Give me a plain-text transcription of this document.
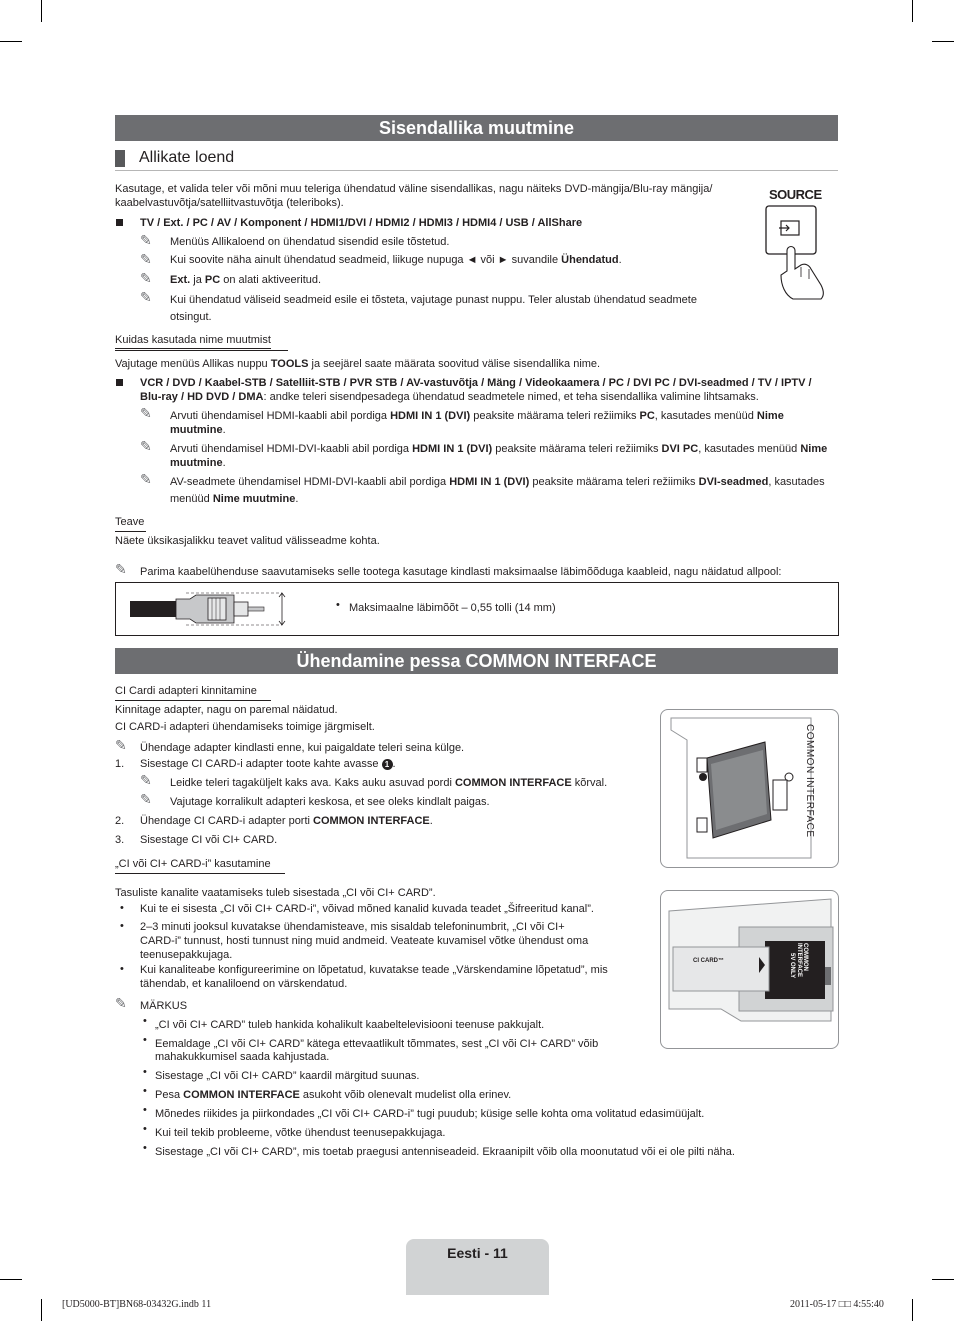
Sisendallika muutmine
Allikate loend
Kasutage, et valida teler või mõni muu teleriga ühendatud väline sisendallikas, nagu näiteks DVD-mängija/Blu-ray mängija/
kaabelvastuvõtja/satelliitvastuvõtja (teleriboks).
TV / Ext. / PC / AV / Komponent / HDMI1/DVI / HDMI2 / HDMI3 / HDMI4 / USB / AllShare
✎ Menüüs Allikaloend on ühendatud sisendid esile tõstetud.
✎ Kui soovite näha ainult ühendatud seadmeid, liikuge nupuga ◄ või ► suvandile Ühendatud.
✎ Ext. ja PC on alati aktiveeritud.
✎ Kui ühendatud väliseid seadmeid esile ei tõsteta, vajutage punast nuppu. Teler alustab ühendatud seadmete
otsingut.
SOURCE
Kuidas kasutada nime muutmist
Vajutage menüüs Allikas nuppu TOOLS ja seejärel saate määrata soovitud välise sisendallika nime.
VCR / DVD / Kaabel-STB / Satelliit-STB / PVR STB / AV-vastuvõtja / Mäng / Videokaamera / PC / DVI PC / DVI-seadmed / TV / IPTV /
Blu-ray / HD DVD / DMA: andke teleri sisendpesadega ühendatud seadmetele nimed, et teha sisendallika valimine lihtsamaks.
✎ Arvuti ühendamisel HDMI-kaabli abil pordiga HDMI IN 1 (DVI) peaksite määrama teleri režiimiks PC, kasutades menüüd Nime
muutmine.
✎ Arvuti ühendamisel HDMI-DVI-kaabli abil pordiga HDMI IN 1 (DVI) peaksite määrama teleri režiimiks DVI PC, kasutades menüüd Nime
muutmine.
✎ AV-seadmete ühendamisel HDMI-DVI-kaabli abil pordiga HDMI IN 1 (DVI) peaksite määrama teleri režiimiks DVI-seadmed, kasutades
menüüd Nime muutmine.
Teave
Näete üksikasjalikku teavet valitud välisseadme kohta.
✎ Parima kaabelühenduse saavutamiseks selle tootega kasutage kindlasti maksimaalse läbimõõduga kaableid, nagu näidatud allpool:
• Maksimaalne läbimõõt – 0,55 tolli (14 mm)
Ühendamine pessa COMMON INTERFACE
CI Cardi adapteri kinnitamine
Kinnitage adapter, nagu on paremal näidatud.
CI CARD-i adapteri ühendamiseks toimige järgmiselt.
✎ Ühendage adapter kindlasti enne, kui paigaldate teleri seina külge.
1. Sisestage CI CARD-i adapter toote kahte avasse 1 .
✎ Leidke teleri tagaküljelt kaks ava. Kaks auku asuvad pordi COMMON INTERFACE kõrval.
✎ Vajutage korralikult adapteri keskosa, et see oleks kindlalt paigas.
2. Ühendage CI CARD-i adapter porti COMMON INTERFACE.
3. Sisestage CI või CI+ CARD.
COMMON INTERFACE
„CI või CI+ CARD-i” kasutamine
Tasuliste kanalite vaatamiseks tuleb sisestada „CI või CI+ CARD”.
• Kui te ei sisesta „CI või CI+ CARD-i”, võivad mõned kanalid kuvada teadet „Šifreeritud kanal”.
• 2–3 minuti jooksul kuvatakse ühendamisteave, mis sisaldab telefoninumbrit, „CI või CI+
CARD-i” tunnust, hosti tunnust ning muid andmeid. Veateate kuvamisel võtke ühendust oma
teenusepakkujaga.
• Kui kanaliteabe konfigureerimine on lõpetatud, kuvatakse teade „Värskendamine lõpetatud”, mis
tähendab, et kanaliloend on värskendatud.
✎ MÄRKUS
CI CARD™	COMMON INTERFACE
5V ONLY
• „CI või CI+ CARD” tuleb hankida kohalikult kaabeltelevisiooni teenuse pakkujalt.
• Eemaldage „CI või CI+ CARD” kätega ettevaatlikult tõmmates, sest „CI või CI+ CARD” võib
mahakukkumisel saada kahjustada.
• Sisestage „CI või CI+ CARD” kaardil märgitud suunas.
• Pesa COMMON INTERFACE asukoht võib olenevalt mudelist olla erinev.
• Mõnedes riikides ja piirkondades „CI või CI+ CARD-i” tugi puudub; küsige selle kohta oma volitatud edasimüüjalt.
• Kui teil tekib probleeme, võtke ühendust teenusepakkujaga.
• Sisestage „CI või CI+ CARD”, mis toetab praegusi antenniseadeid. Ekraanipilt võib olla moonutatud või ei ole pilti näha.
Eesti - 11
[UD5000-BT]BN68-03432G.indb 11	2011-05-17 □□ 4:55:40
